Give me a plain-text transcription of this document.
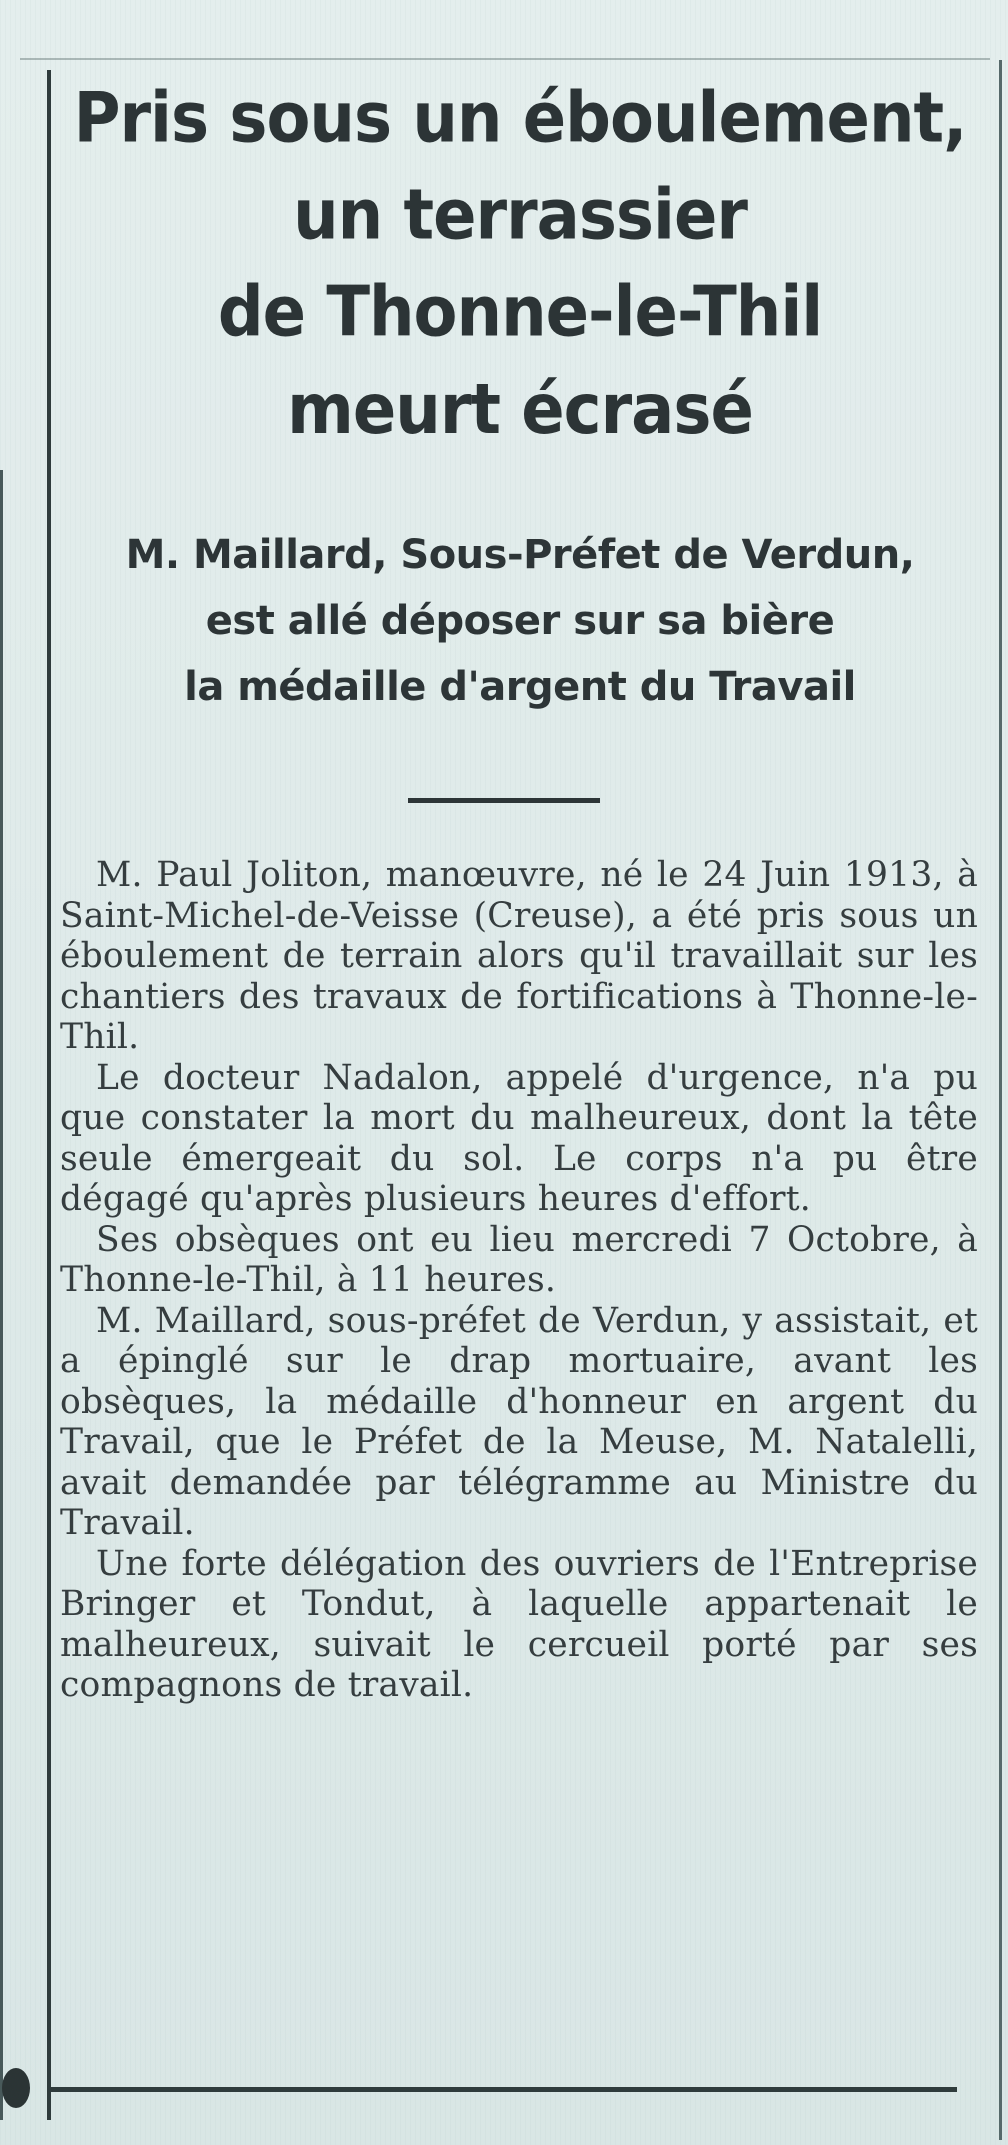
Pris sous un éboulement,
un terrassier
de Thonne-le-Thil
meurt écrasé
M. Maillard, Sous-Préfet de Verdun,
est allé déposer sur sa bière
la médaille d'argent du Travail

M. Paul Joliton, manœuvre, né le 24 Juin 1913, à Saint-Michel-de-Veisse (Creuse), a été pris sous un éboulement de terrain alors qu'il travaillait sur les chantiers des travaux de fortifications à Thonne-le-Thil.

Le docteur Nadalon, appelé d'urgence, n'a pu que constater la mort du malheureux, dont la tête seule émergeait du sol. Le corps n'a pu être dégagé qu'après plusieurs heures d'effort.

Ses obsèques ont eu lieu mercredi 7 Octobre, à Thonne-le-Thil, à 11 heures.

M. Maillard, sous-préfet de Verdun, y assistait, et a épinglé sur le drap mortuaire, avant les obsèques, la médaille d'honneur en argent du Travail, que le Préfet de la Meuse, M. Natalelli, avait demandée par télégramme au Ministre du Travail.

Une forte délégation des ouvriers de l'Entreprise Bringer et Tondut, à laquelle appartenait le malheureux, suivait le cercueil porté par ses compagnons de travail.
